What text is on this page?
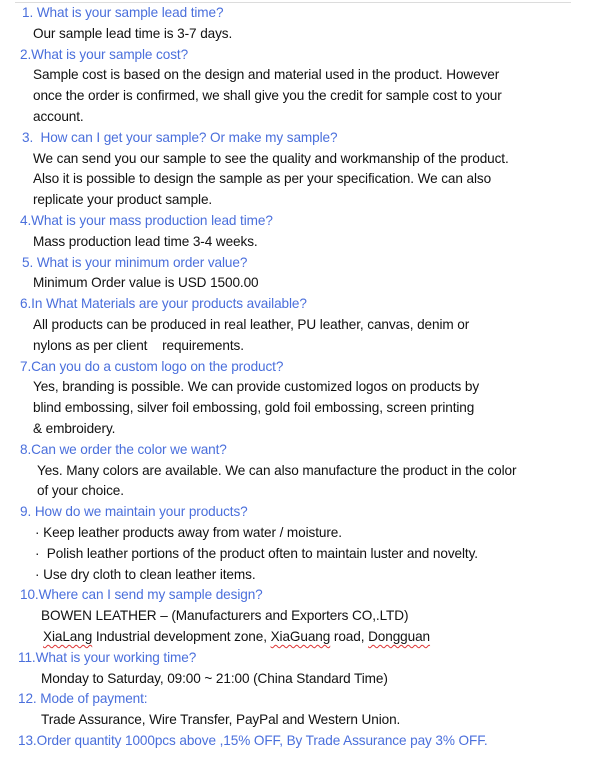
1. What is your sample lead time?
Our sample lead time is 3-7 days.
2.What is your sample cost?
Sample cost is based on the design and material used in the product. However
once the order is confirmed, we shall give you the credit for sample cost to your
account.
3.  How can I get your sample? Or make my sample?
We can send you our sample to see the quality and workmanship of the product.
Also it is possible to design the sample as per your specification. We can also
replicate your product sample.
4.What is your mass production lead time?
Mass production lead time 3-4 weeks.
5. What is your minimum order value?
Minimum Order value is USD 1500.00
6.In What Materials are your products available?
All products can be produced in real leather, PU leather, canvas, denim or
nylons as per client    requirements.
7.Can you do a custom logo on the product?
Yes, branding is possible. We can provide customized logos on products by
blind embossing, silver foil embossing, gold foil embossing, screen printing
& embroidery.
8.Can we order the color we want?
Yes. Many colors are available. We can also manufacture the product in the color
of your choice.
9. How do we maintain your products?
· Keep leather products away from water / moisture.
·  Polish leather portions of the product often to maintain luster and novelty.
· Use dry cloth to clean leather items.
10.Where can I send my sample design?
BOWEN LEATHER – (Manufacturers and Exporters CO,.LTD)
XiaLang Industrial development zone, XiaGuang road, Dongguan
11.What is your working time?
Monday to Saturday, 09:00 ~ 21:00 (China Standard Time)
12. Mode of payment:
Trade Assurance, Wire Transfer, PayPal and Western Union.
13.Order quantity 1000pcs above ,15% OFF, By Trade Assurance pay 3% OFF.
